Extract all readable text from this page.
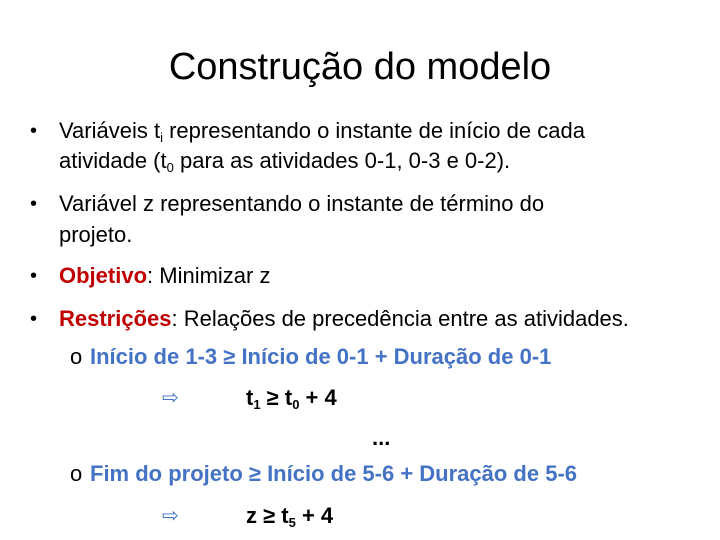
Construção do modelo
• Variáveis $t_i$ representando o instante de início de cada
atividade ($t_0$ para as atividades 0-1, 0-3 e 0-2).
• Variável z representando o instante de término do
projeto.
• Objetivo: Minimizar z
• Restrições: Relações de precedência entre as atividades.
o Início de 1-3 ≥ Início de 0-1 + Duração de 0-1
⇨	$t_1 \ge t_0 + 4$
...
o Fim do projeto ≥ Início de 5-6 + Duração de 5-6
⇨	$z \ge t_5 + 4$
